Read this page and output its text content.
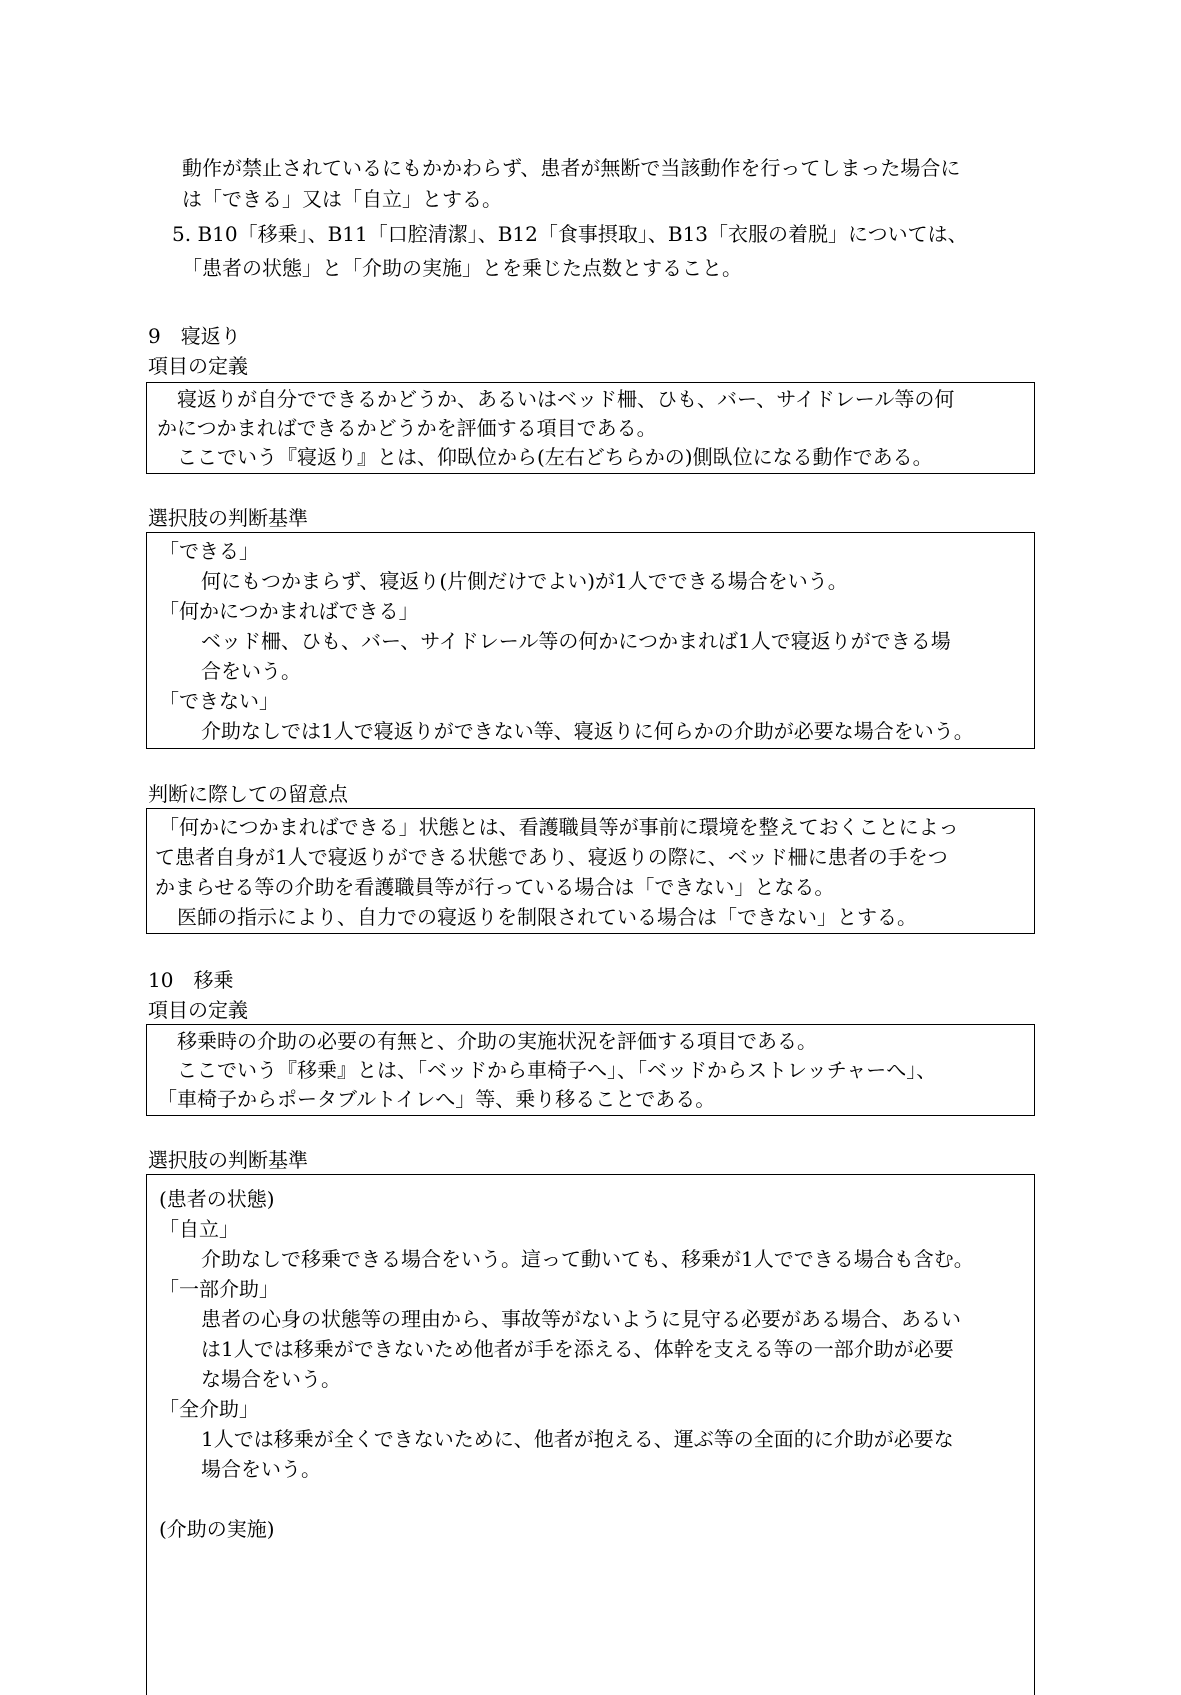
動作が禁止されているにもかかわらず、患者が無断で当該動作を行ってしまった場合に
は「できる」又は「自立」とする。
5. B10「移乗」、B11「口腔清潔」、B12「食事摂取」、B13「衣服の着脱」については、
「患者の状態」と「介助の実施」とを乗じた点数とすること。
9　寝返り
項目の定義
寝返りが自分でできるかどうか、あるいはベッド柵、ひも、バー、サイドレール等の何
かにつかまればできるかどうかを評価する項目である。
ここでいう『寝返り』とは、仰臥位から(左右どちらかの)側臥位になる動作である。
選択肢の判断基準
「できる」
何にもつかまらず、寝返り(片側だけでよい)が1人でできる場合をいう。
「何かにつかまればできる」
ベッド柵、ひも、バー、サイドレール等の何かにつかまれば1人で寝返りができる場
合をいう。
「できない」
介助なしでは1人で寝返りができない等、寝返りに何らかの介助が必要な場合をいう。
判断に際しての留意点
「何かにつかまればできる」状態とは、看護職員等が事前に環境を整えておくことによっ
て患者自身が1人で寝返りができる状態であり、寝返りの際に、ベッド柵に患者の手をつ
かまらせる等の介助を看護職員等が行っている場合は「できない」となる。
医師の指示により、自力での寝返りを制限されている場合は「できない」とする。
10　移乗
項目の定義
移乗時の介助の必要の有無と、介助の実施状況を評価する項目である。
ここでいう『移乗』とは、「ベッドから車椅子へ」、「ベッドからストレッチャーへ」、
「車椅子からポータブルトイレへ」等、乗り移ることである。
選択肢の判断基準
(患者の状態)
「自立」
介助なしで移乗できる場合をいう。這って動いても、移乗が1人でできる場合も含む。
「一部介助」
患者の心身の状態等の理由から、事故等がないように見守る必要がある場合、あるい
は1人では移乗ができないため他者が手を添える、体幹を支える等の一部介助が必要
な場合をいう。
「全介助」
1人では移乗が全くできないために、他者が抱える、運ぶ等の全面的に介助が必要な
場合をいう。
(介助の実施)
